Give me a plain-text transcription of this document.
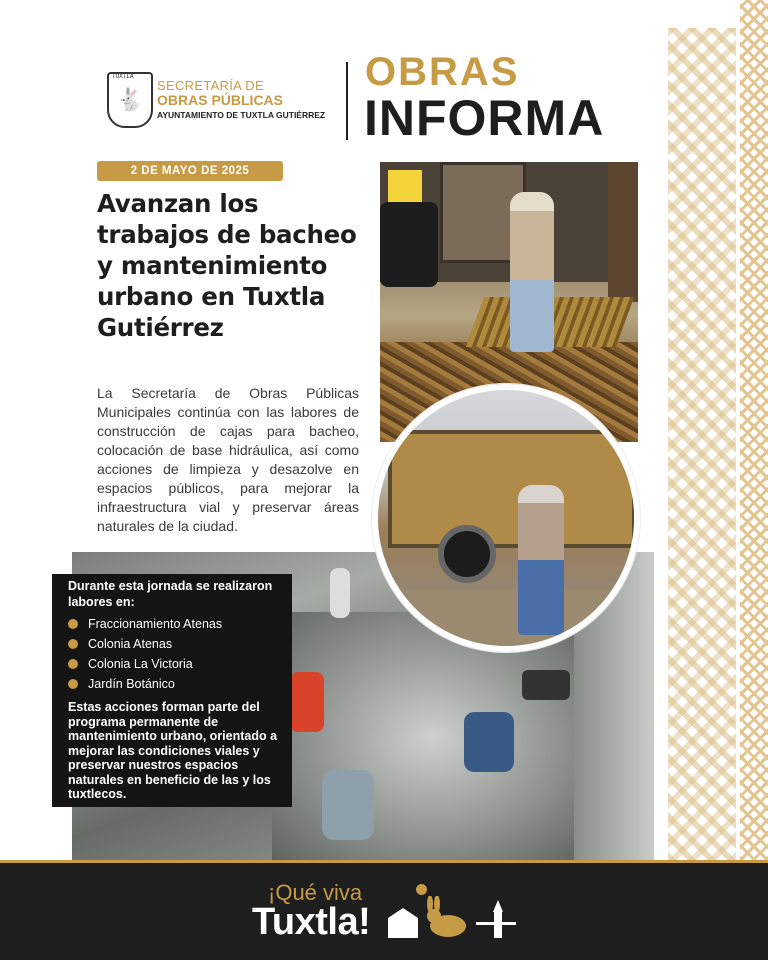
TUXTLA
🐇
SECRETARÍA DE
OBRAS PÚBLICAS
AYUNTAMIENTO DE TUXTLA GUTIÉRREZ
OBRAS
INFORMA
2 DE MAYO DE 2025
Avanzan los trabajos de bacheo y mantenimiento urbano en Tuxtla Gutiérrez

La Secretaría de Obras Públicas Municipales continúa con las labores de construcción de cajas para bacheo, colocación de base hidráulica, así como acciones de limpieza y desazolve en espacios públicos, para mejorar la infraestructura vial y preservar áreas naturales de la ciudad.

Durante esta jornada se realizaron labores en:

Fraccionamiento Atenas
Colonia Atenas
Colonia La Victoria
Jardín Botánico

Estas acciones forman parte del programa permanente de mantenimiento urbano, orientado a mejorar las condiciones viales y preservar nuestros espacios naturales en beneficio de las y los tuxtlecos.

¡Qué viva
Tuxtla!
